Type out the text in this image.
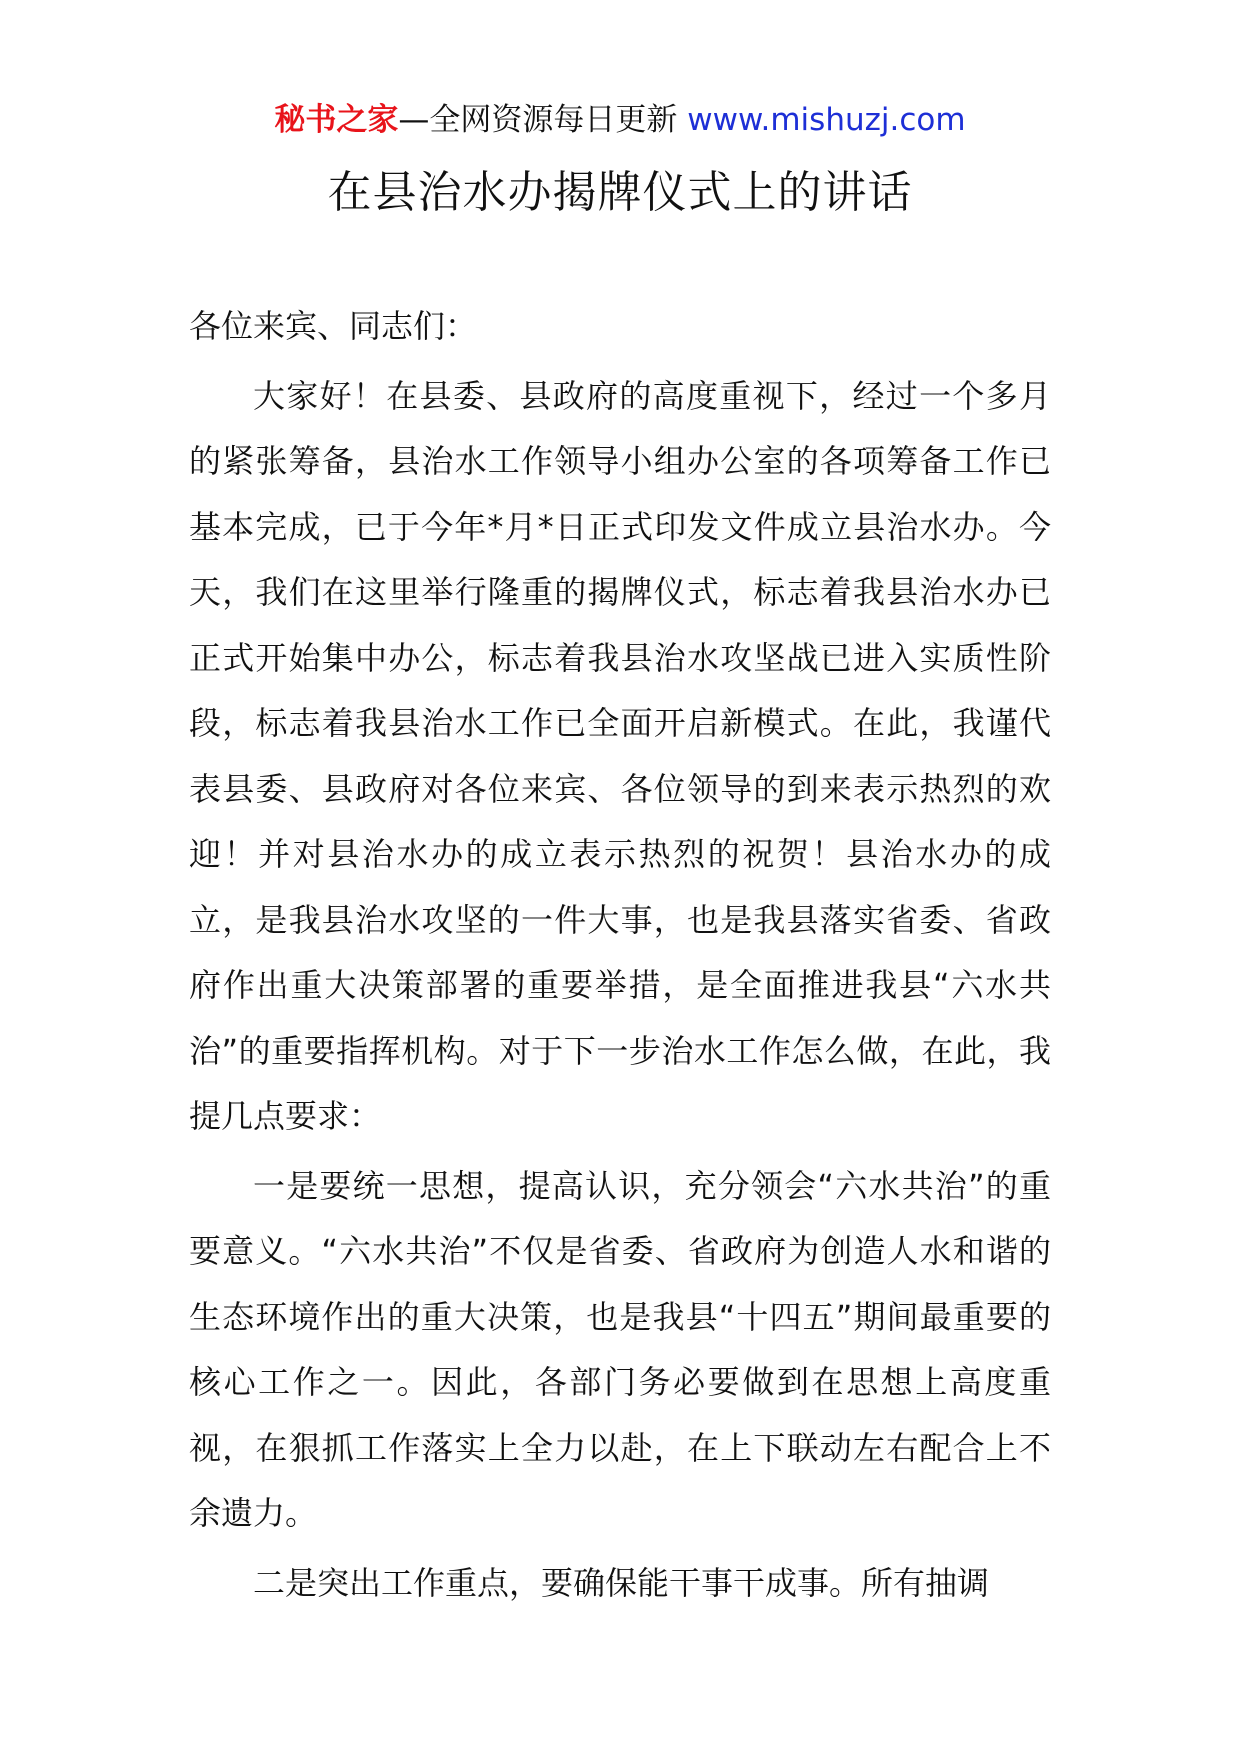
秘书之家—全网资源每日更新 www.mishuzj.com
在县治水办揭牌仪式上的讲话

各位来宾、同志们：

大家好！在县委、县政府的高度重视下，经过一个多月的紧张筹备，县治水工作领导小组办公室的各项筹备工作已基本完成，已于今年*月*日正式印发文件成立县治水办。今天，我们在这里举行隆重的揭牌仪式，标志着我县治水办已正式开始集中办公，标志着我县治水攻坚战已进入实质性阶段，标志着我县治水工作已全面开启新模式。在此，我谨代表县委、县政府对各位来宾、各位领导的到来表示热烈的欢迎！并对县治水办的成立表示热烈的祝贺！县治水办的成立，是我县治水攻坚的一件大事，也是我县落实省委、省政府作出重大决策部署的重要举措，是全面推进我县“六水共治”的重要指挥机构。对于下一步治水工作怎么做，在此，我提几点要求：

一是要统一思想，提高认识，充分领会“六水共治”的重要意义。“六水共治”不仅是省委、省政府为创造人水和谐的生态环境作出的重大决策，也是我县“十四五”期间最重要的核心工作之一。因此，各部门务必要做到在思想上高度重视，在狠抓工作落实上全力以赴，在上下联动左右配合上不余遗力。

二是突出工作重点，要确保能干事干成事。所有抽调
